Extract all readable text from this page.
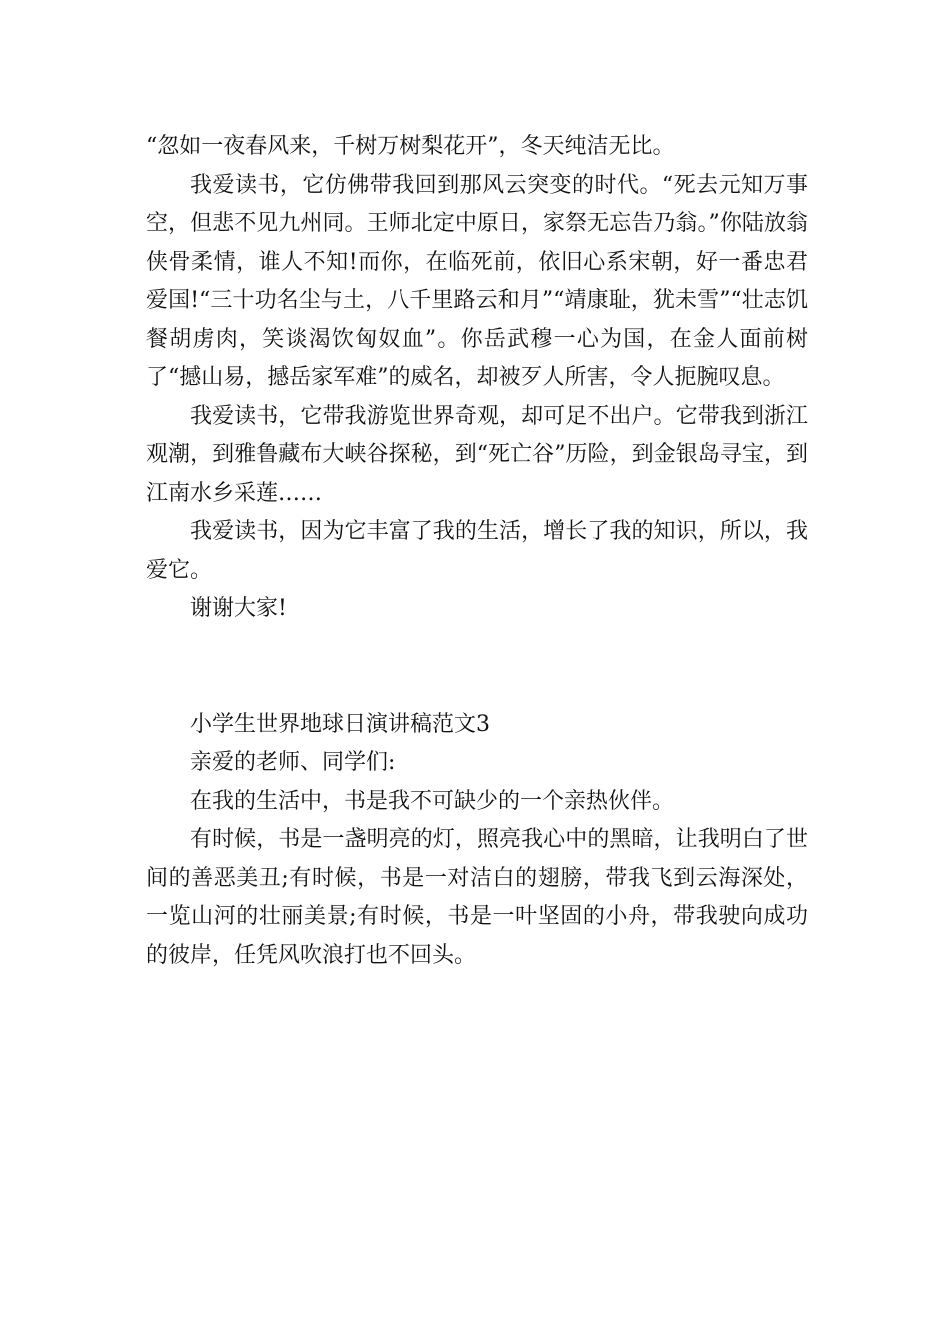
“忽如一夜春风来，千树万树梨花开”，冬天纯洁无比。

我爱读书，它仿佛带我回到那风云突变的时代。“死去元知万事空，但悲不见九州同。王师北定中原日，家祭无忘告乃翁。”你陆放翁侠骨柔情，谁人不知!而你，在临死前，依旧心系宋朝，好一番忠君爱国!“三十功名尘与土，八千里路云和月”“靖康耻，犹未雪”“壮志饥餐胡虏肉，笑谈渴饮匈奴血”。你岳武穆一心为国，在金人面前树了“撼山易，撼岳家军难”的威名，却被歹人所害，令人扼腕叹息。

我爱读书，它带我游览世界奇观，却可足不出户。它带我到浙江观潮，到雅鲁藏布大峡谷探秘，到“死亡谷”历险，到金银岛寻宝，到江南水乡采莲……

我爱读书，因为它丰富了我的生活，增长了我的知识，所以，我爱它。

谢谢大家!

小学生世界地球日演讲稿范文3

亲爱的老师、同学们:

在我的生活中，书是我不可缺少的一个亲热伙伴。

有时候，书是一盏明亮的灯，照亮我心中的黑暗，让我明白了世间的善恶美丑;有时候，书是一对洁白的翅膀，带我飞到云海深处，一览山河的壮丽美景;有时候，书是一叶坚固的小舟，带我驶向成功的彼岸，任凭风吹浪打也不回头。
